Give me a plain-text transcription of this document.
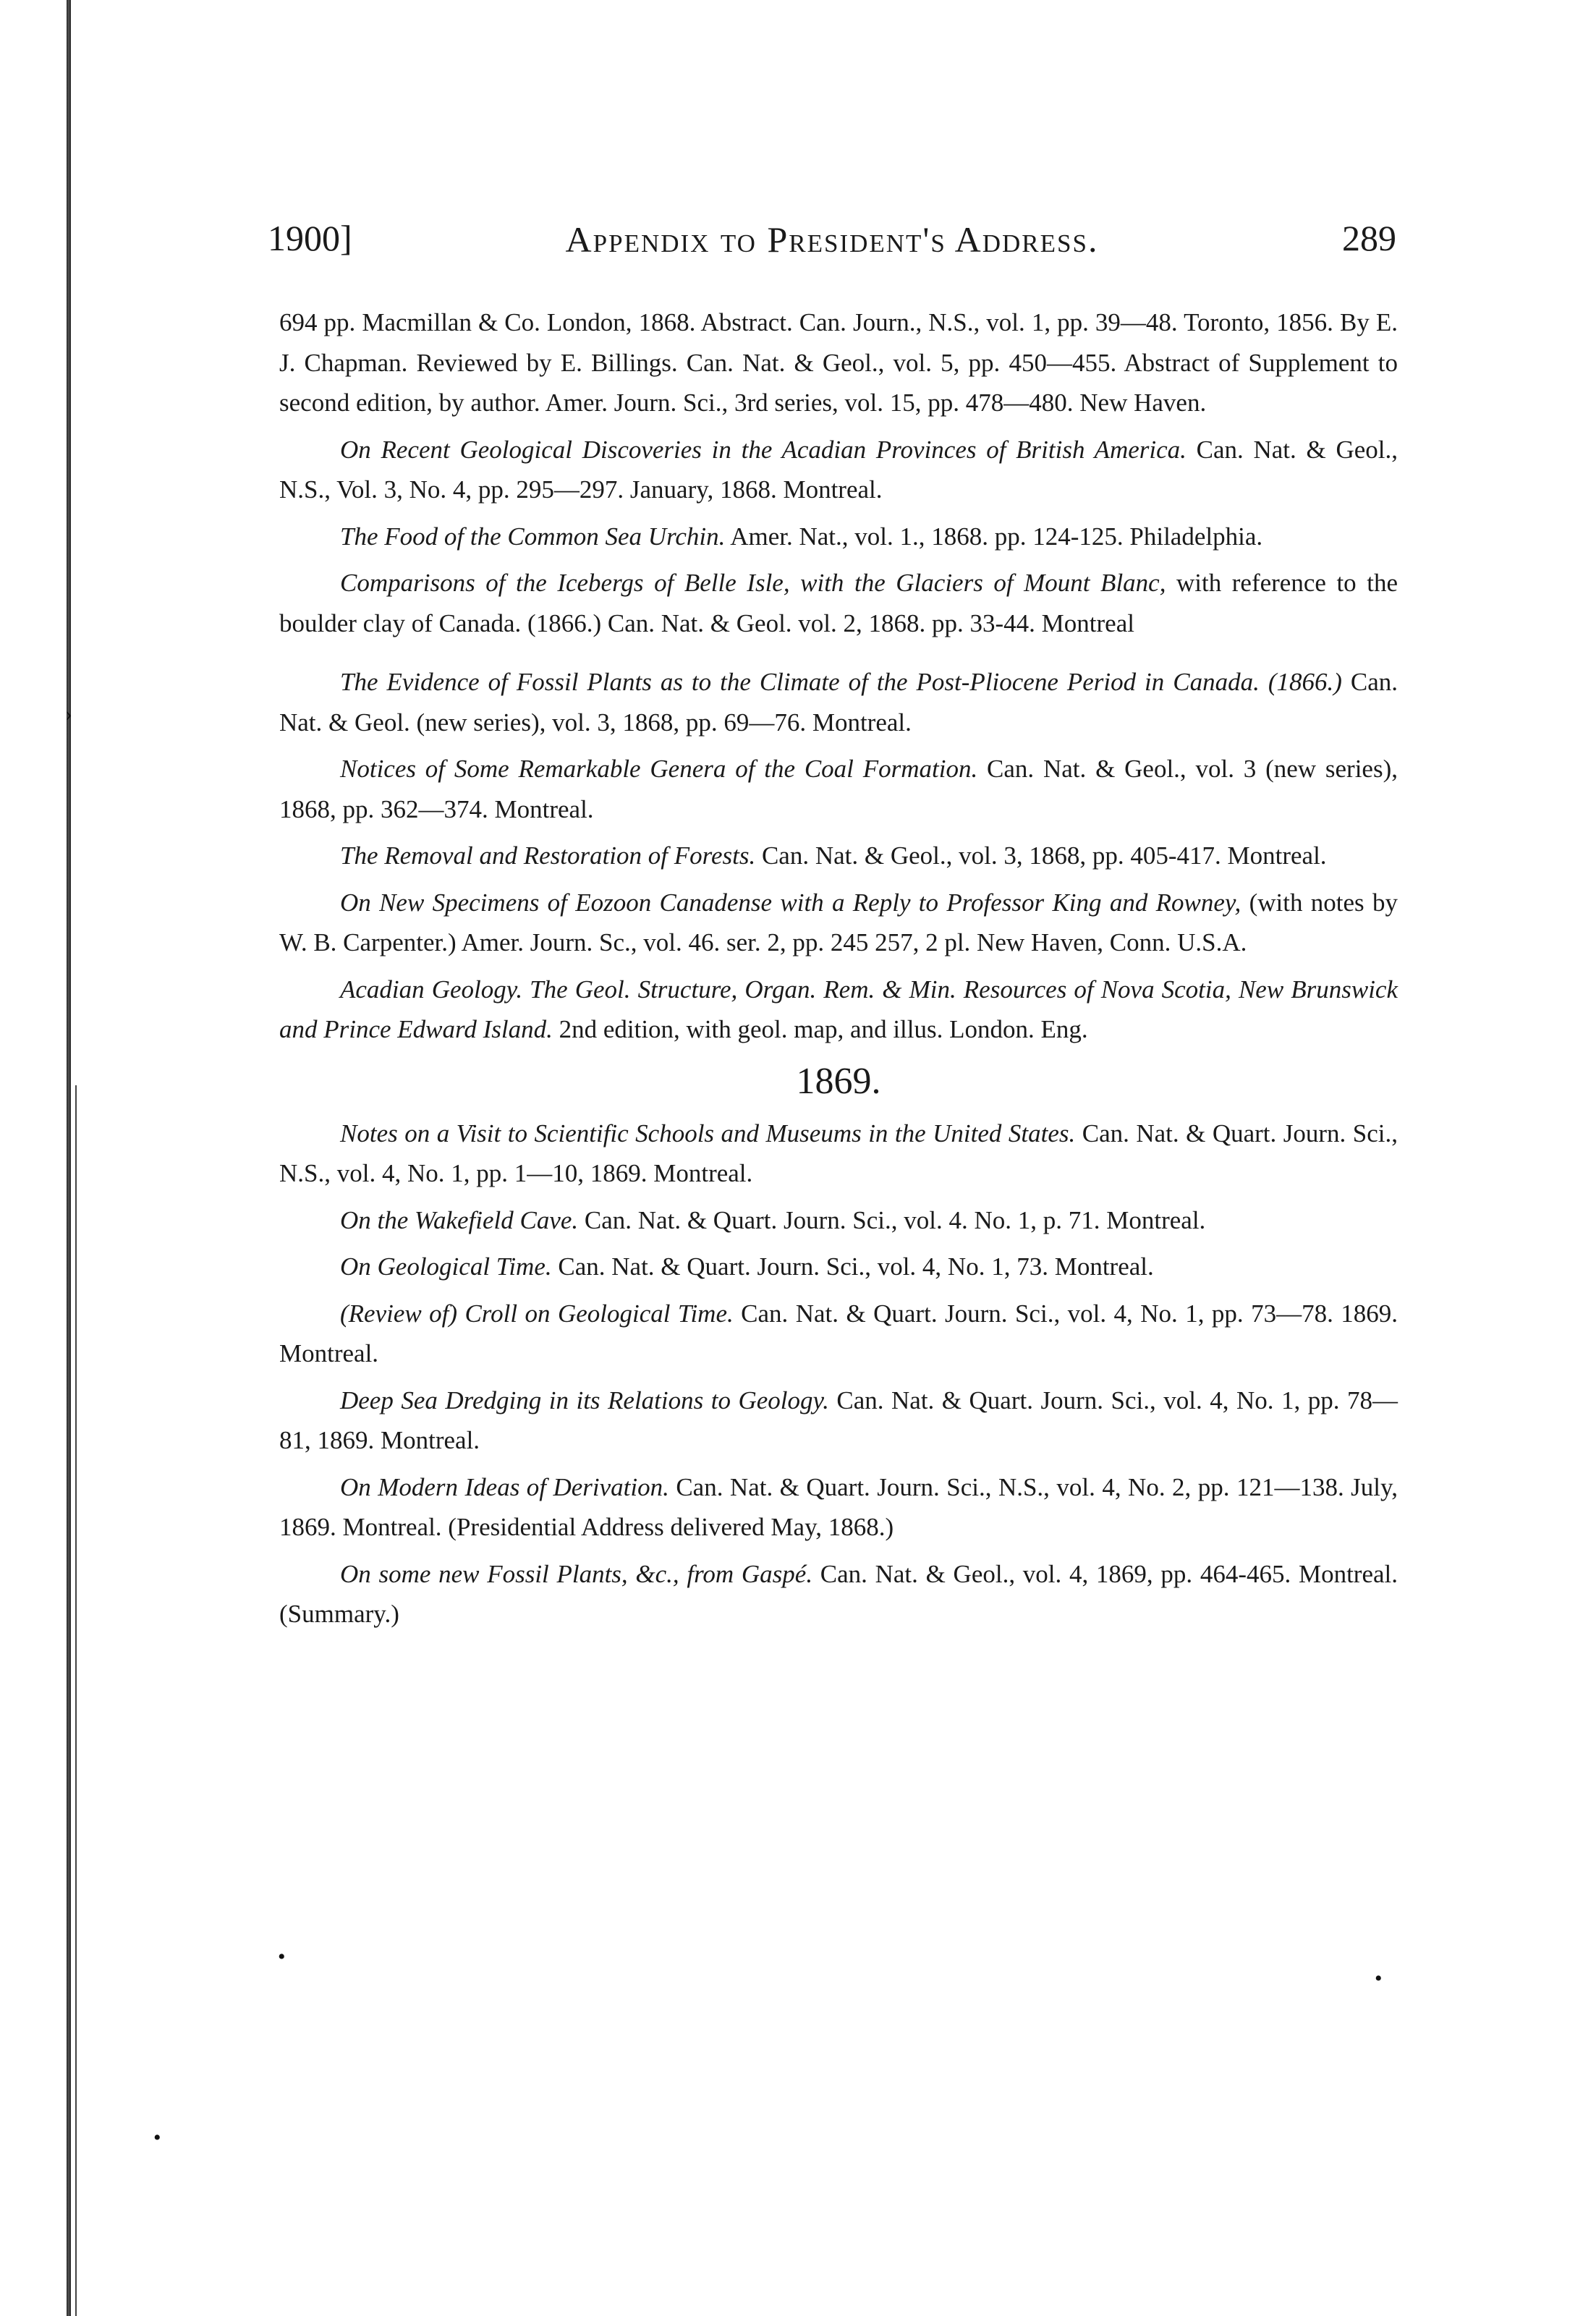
›
•
•
•
1900]	Appendix to President's Address.	289

694 pp. Macmillan & Co. London, 1868. Abstract. Can. Journ., N.S., vol. 1, pp. 39—48. Toronto, 1856. By E. J. Chapman. Reviewed by E. Billings. Can. Nat. & Geol., vol. 5, pp. 450—455. Abstract of Supplement to second edition, by author. Amer. Journ. Sci., 3rd series, vol. 15, pp. 478—480. New Haven.

On Recent Geological Discoveries in the Acadian Provinces of British America. Can. Nat. & Geol., N.S., Vol. 3, No. 4, pp. 295—297. January, 1868. Montreal.

The Food of the Common Sea Urchin. Amer. Nat., vol. 1., 1868. pp. 124-125. Philadelphia.

Comparisons of the Icebergs of Belle Isle, with the Glaciers of Mount Blanc, with reference to the boulder clay of Canada. (1866.) Can. Nat. & Geol. vol. 2, 1868. pp. 33-44. Montreal

The Evidence of Fossil Plants as to the Climate of the Post-Pliocene Period in Canada. (1866.) Can. Nat. & Geol. (new series), vol. 3, 1868, pp. 69—76. Montreal.

Notices of Some Remarkable Genera of the Coal Formation. Can. Nat. & Geol., vol. 3 (new series), 1868, pp. 362—374. Montreal.

The Removal and Restoration of Forests. Can. Nat. & Geol., vol. 3, 1868, pp. 405-417. Montreal.

On New Specimens of Eozoon Canadense with a Reply to Professor King and Rowney, (with notes by W. B. Carpenter.) Amer. Journ. Sc., vol. 46. ser. 2, pp. 245 257, 2 pl. New Haven, Conn. U.S.A.

Acadian Geology. The Geol. Structure, Organ. Rem. & Min. Resources of Nova Scotia, New Brunswick and Prince Edward Island. 2nd edition, with geol. map, and illus. London. Eng.

1869.

Notes on a Visit to Scientific Schools and Museums in the United States. Can. Nat. & Quart. Journ. Sci., N.S., vol. 4, No. 1, pp. 1—10, 1869. Montreal.

On the Wakefield Cave. Can. Nat. & Quart. Journ. Sci., vol. 4. No. 1, p. 71. Montreal.

On Geological Time. Can. Nat. & Quart. Journ. Sci., vol. 4, No. 1, 73. Montreal.

(Review of) Croll on Geological Time. Can. Nat. & Quart. Journ. Sci., vol. 4, No. 1, pp. 73—78. 1869. Montreal.

Deep Sea Dredging in its Relations to Geology. Can. Nat. & Quart. Journ. Sci., vol. 4, No. 1, pp. 78—81, 1869. Montreal.

On Modern Ideas of Derivation. Can. Nat. & Quart. Journ. Sci., N.S., vol. 4, No. 2, pp. 121—138. July, 1869. Montreal. (Presidential Address delivered May, 1868.)

On some new Fossil Plants, &c., from Gaspé. Can. Nat. & Geol., vol. 4, 1869, pp. 464-465. Montreal. (Summary.)
